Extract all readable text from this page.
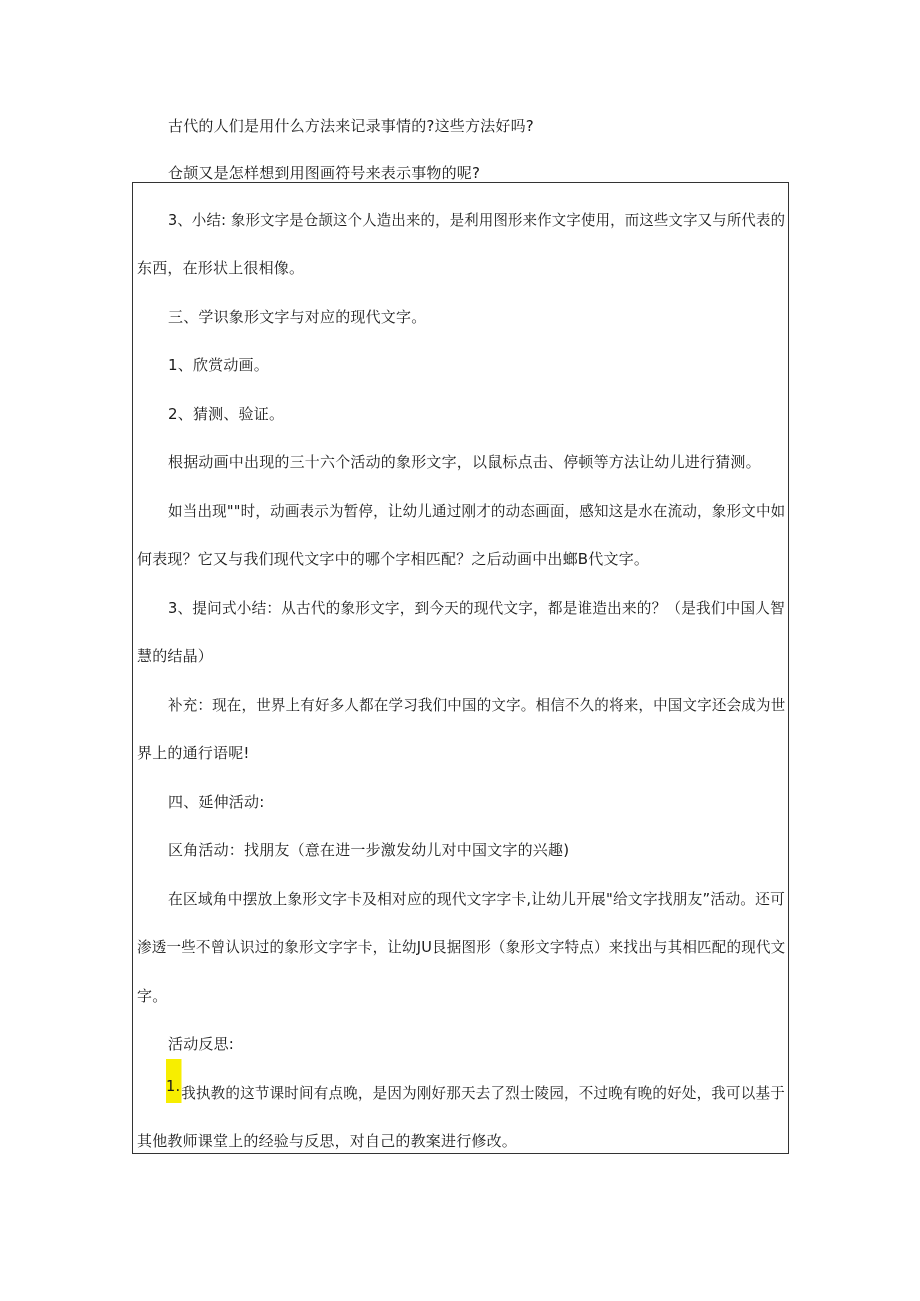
古代的人们是用什么方法来记录事情的?这些方法好吗?
仓颉又是怎样想到用图画符号来表示事物的呢?
3、小结: 象形文字是仓颉这个人造出来的，是利用图形来作文字使用，而这些文字又与所代表的
东西，在形状上很相像。
三、学识象形文字与对应的现代文字。
1、欣赏动画。
2、猜测、验证。
根据动画中出现的三十六个活动的象形文字，以鼠标点击、停顿等方法让幼儿进行猜测。
如当出现""时，动画表示为暂停，让幼儿通过刚才的动态画面，感知这是水在流动，象形文中如
何表现？它又与我们现代文字中的哪个字相匹配？之后动画中出螂B代文字。
3、提问式小结：从古代的象形文字，到今天的现代文字，都是谁造出来的？（是我们中国人智
慧的结晶）
补充：现在，世界上有好多人都在学习我们中国的文字。相信不久的将来，中国文字还会成为世
界上的通行语呢!
四、延伸活动:
区角活动：找朋友（意在进一步激发幼儿对中国文字的兴趣)
在区域角中摆放上象形文字卡及相对应的现代文字字卡,让幼儿开展"给文字找朋友”活动。还可
渗透一些不曾认识过的象形文字字卡，让幼JU艮据图形（象形文字特点）来找出与其相匹配的现代文
字。
活动反思:
1.我执教的这节课时间有点晚，是因为刚好那天去了烈士陵园，不过晚有晚的好处，我可以基于
其他教师课堂上的经验与反思，对自己的教案进行修改。
